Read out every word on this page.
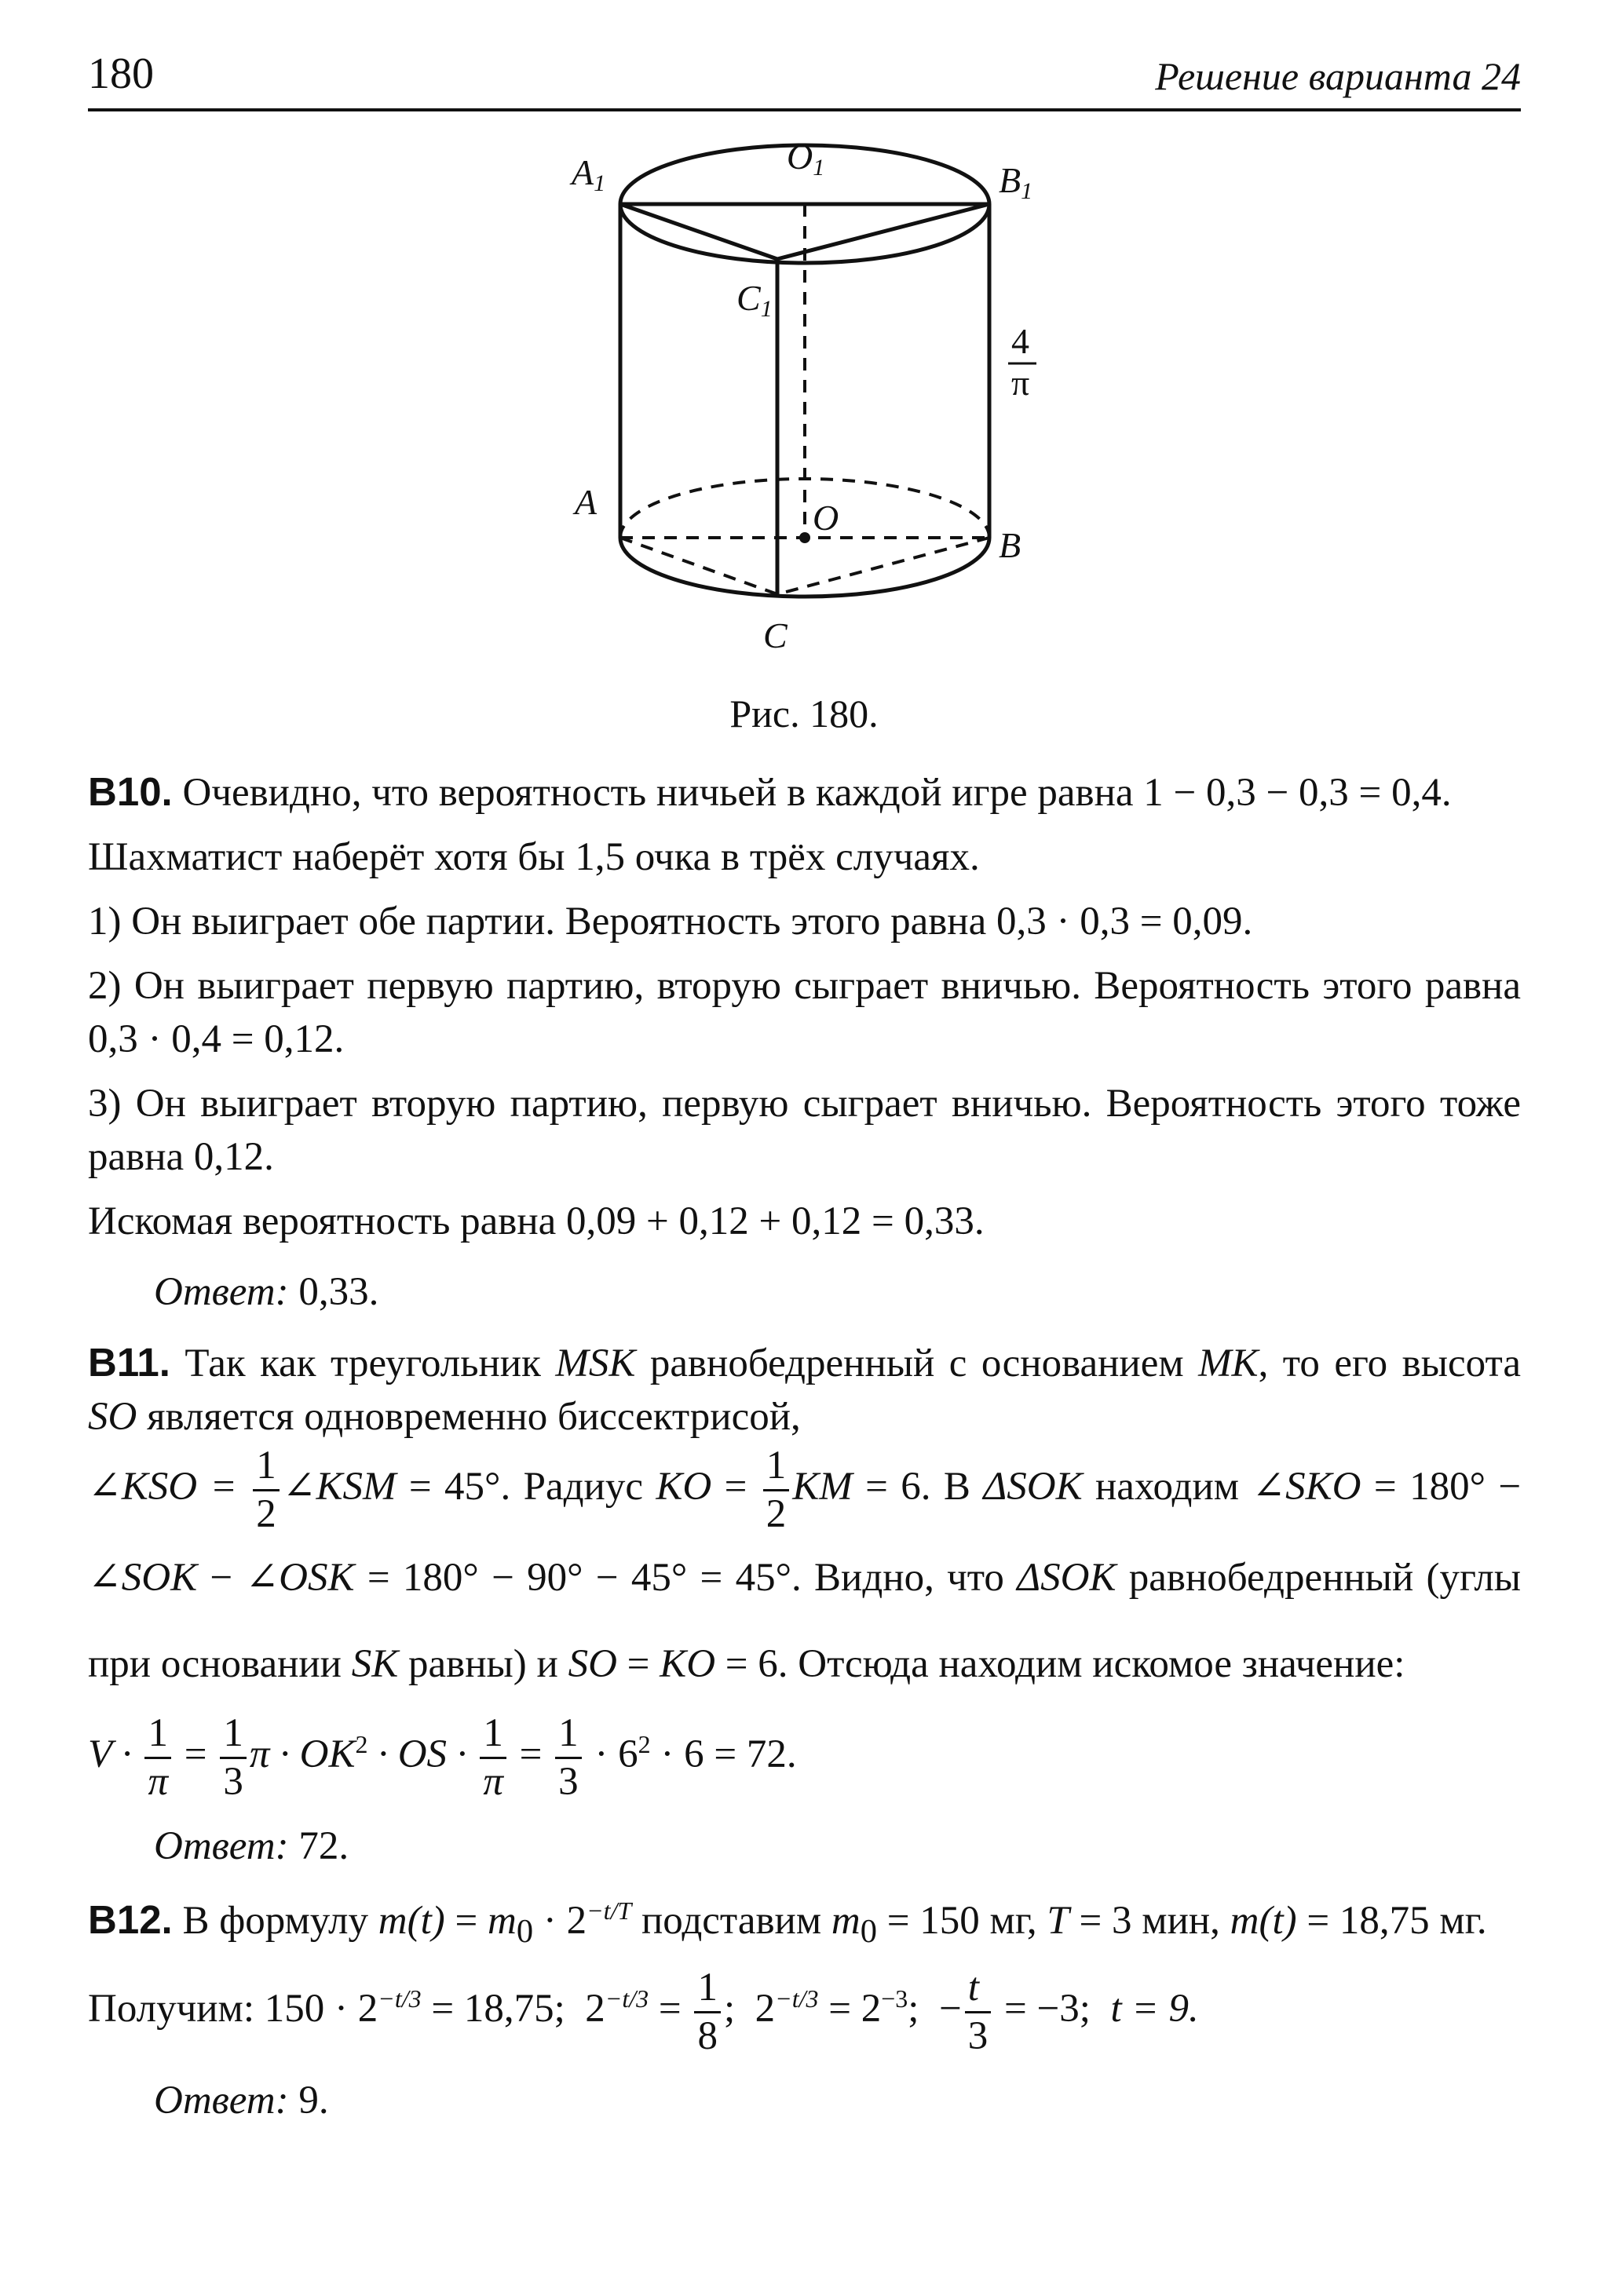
180	Решение варианта 24
A1
O1	B1
C1
A	O
B
C
4
π
Рис. 180.

B10. Очевидно, что вероятность ничьей в каждой игре равна 1 − 0,3 − 0,3 = 0,4.

Шахматист наберёт хотя бы 1,5 очка в трёх случаях.

1) Он выиграет обе партии. Вероятность этого равна 0,3 · 0,3 = 0,09.

2) Он выиграет первую партию, вторую сыграет вничью. Вероятность этого равна 0,3 · 0,4 = 0,12.

3) Он выиграет вторую партию, первую сыграет вничью. Вероятность этого тоже равна 0,12.

Искомая вероятность равна 0,09 + 0,12 + 0,12 = 0,33.

Ответ: 0,33.

B11. Так как треугольник MSK равнобедренный с основанием MK, то его высота SO является одновременно биссектрисой,

∠KSO = $\frac{1}{2}$ ∠KSM = 45°. Радиус KO = $\frac{1}{2}$ KM = 6. В ΔSOK находим ∠SKO = 180° − ∠SOK − ∠OSK = 180° − 90° − 45° = 45°. Видно, что ΔSOK равнобедренный (углы при основании SK равны) и SO = KO = 6. Отсюда находим искомое значение:

$V \cdot \frac{1}{\pi} = \frac{1}{3}$ $\pi \cdot OK^2$ · OS · $\frac{1}{\pi} = \frac{1}{3} \cdot 6^2 \cdot 6 = 72$.

Ответ: 72.

B12. В формулу $m(t) = m_0 \cdot 2^{-t/T}$ подставим $m_0 = 150$ мг, T = 3 мин, m(t) = 18,75 мг.

Получим: $150 \cdot 2^{-t/3} = 18,75$; $2^{-t/3} = \frac{1}{8}$ ; $2^{-t/3} = 2^{-3}$; − $\frac{t}{3} = -3$; t = 9.

Ответ: 9.
